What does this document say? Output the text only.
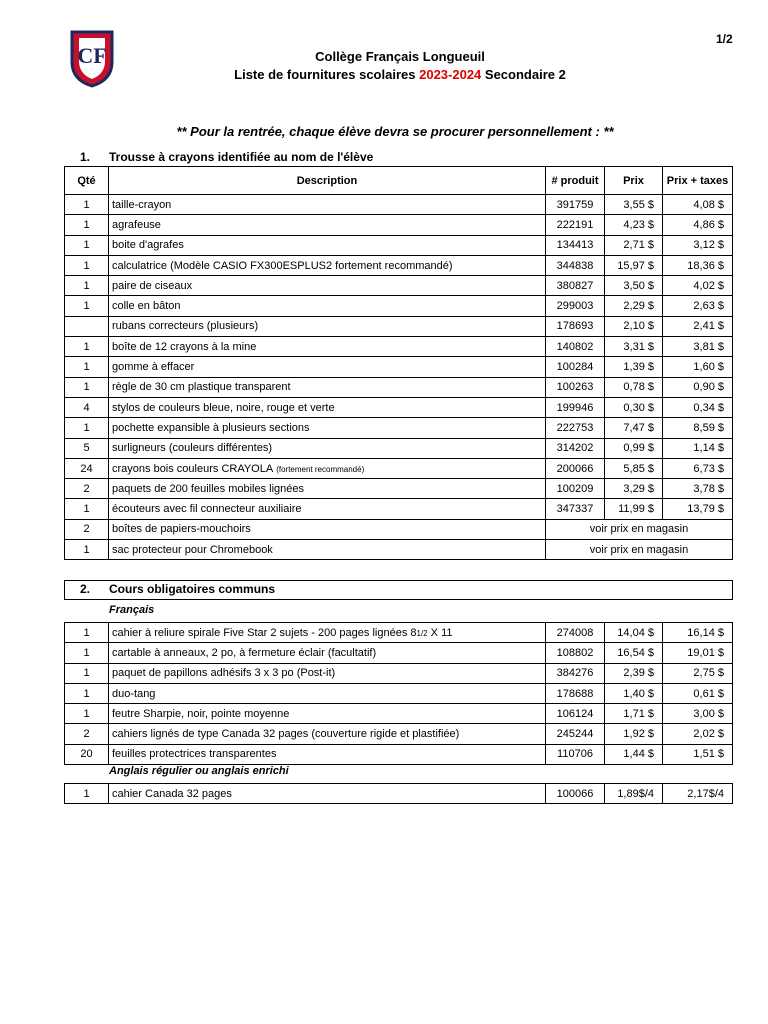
1/2
CF	Collège Français Longueuil
Liste de fournitures scolaires 2023-2024 Secondaire 2
** Pour la rentrée, chaque élève devra se procurer personnellement : **
1. Trousse à crayons identifiée au nom de l'élève
Qté	Description	# produit	Prix	Prix + taxes
1	taille-crayon	391759	3,55 $	4,08 $
1	agrafeuse	222191	4,23 $	4,86 $
1	boite d'agrafes	134413	2,71 $	3,12 $
1	calculatrice (Modèle CASIO FX300ESPLUS2 fortement recommandé)	344838	15,97 $	18,36 $
1	paire de ciseaux	380827	3,50 $	4,02 $
1	colle en bâton	299003	2,29 $	2,63 $
	rubans correcteurs (plusieurs)	178693	2,10 $	2,41 $
1	boîte de 12 crayons à la mine	140802	3,31 $	3,81 $
1	gomme à effacer	100284	1,39 $	1,60 $
1	règle de 30 cm plastique transparent	100263	0,78 $	0,90 $
4	stylos de couleurs bleue, noire, rouge et verte	199946	0,30 $	0,34 $
1	pochette expansible à plusieurs sections	222753	7,47 $	8,59 $
5	surligneurs (couleurs différentes)	314202	0,99 $	1,14 $
24	crayons bois couleurs CRAYOLA (fortement recommandé)	200066	5,85 $	6,73 $
2	paquets de 200 feuilles mobiles lignées	100209	3,29 $	3,78 $
1	écouteurs avec fil connecteur auxiliaire	347337	11,99 $	13,79 $
2	boîtes de papiers-mouchoirs	voir prix en magasin		
1	sac protecteur pour Chromebook	voir prix en magasin		
2. Cours obligatoires communs
Français
1	cahier à reliure spirale Five Star 2 sujets - 200 pages lignées 81/2 X 11	274008	14,04 $	16,14 $
1	cartable à anneaux, 2 po, à fermeture éclair (facultatif)	108802	16,54 $	19,01 $
1	paquet de papillons adhésifs 3 x 3 po (Post-it)	384276	2,39 $	2,75 $
1	duo-tang	178688	1,40 $	0,61 $
1	feutre Sharpie, noir, pointe moyenne	106124	1,71 $	3,00 $
2	cahiers lignés de type Canada 32 pages (couverture rigide et plastifiée)	245244	1,92 $	2,02 $
20	feuilles protectrices transparentes	110706	1,44 $	1,51 $
Anglais régulier ou anglais enrichi
1	cahier Canada 32 pages	100066	1,89$/4	2,17$/4
